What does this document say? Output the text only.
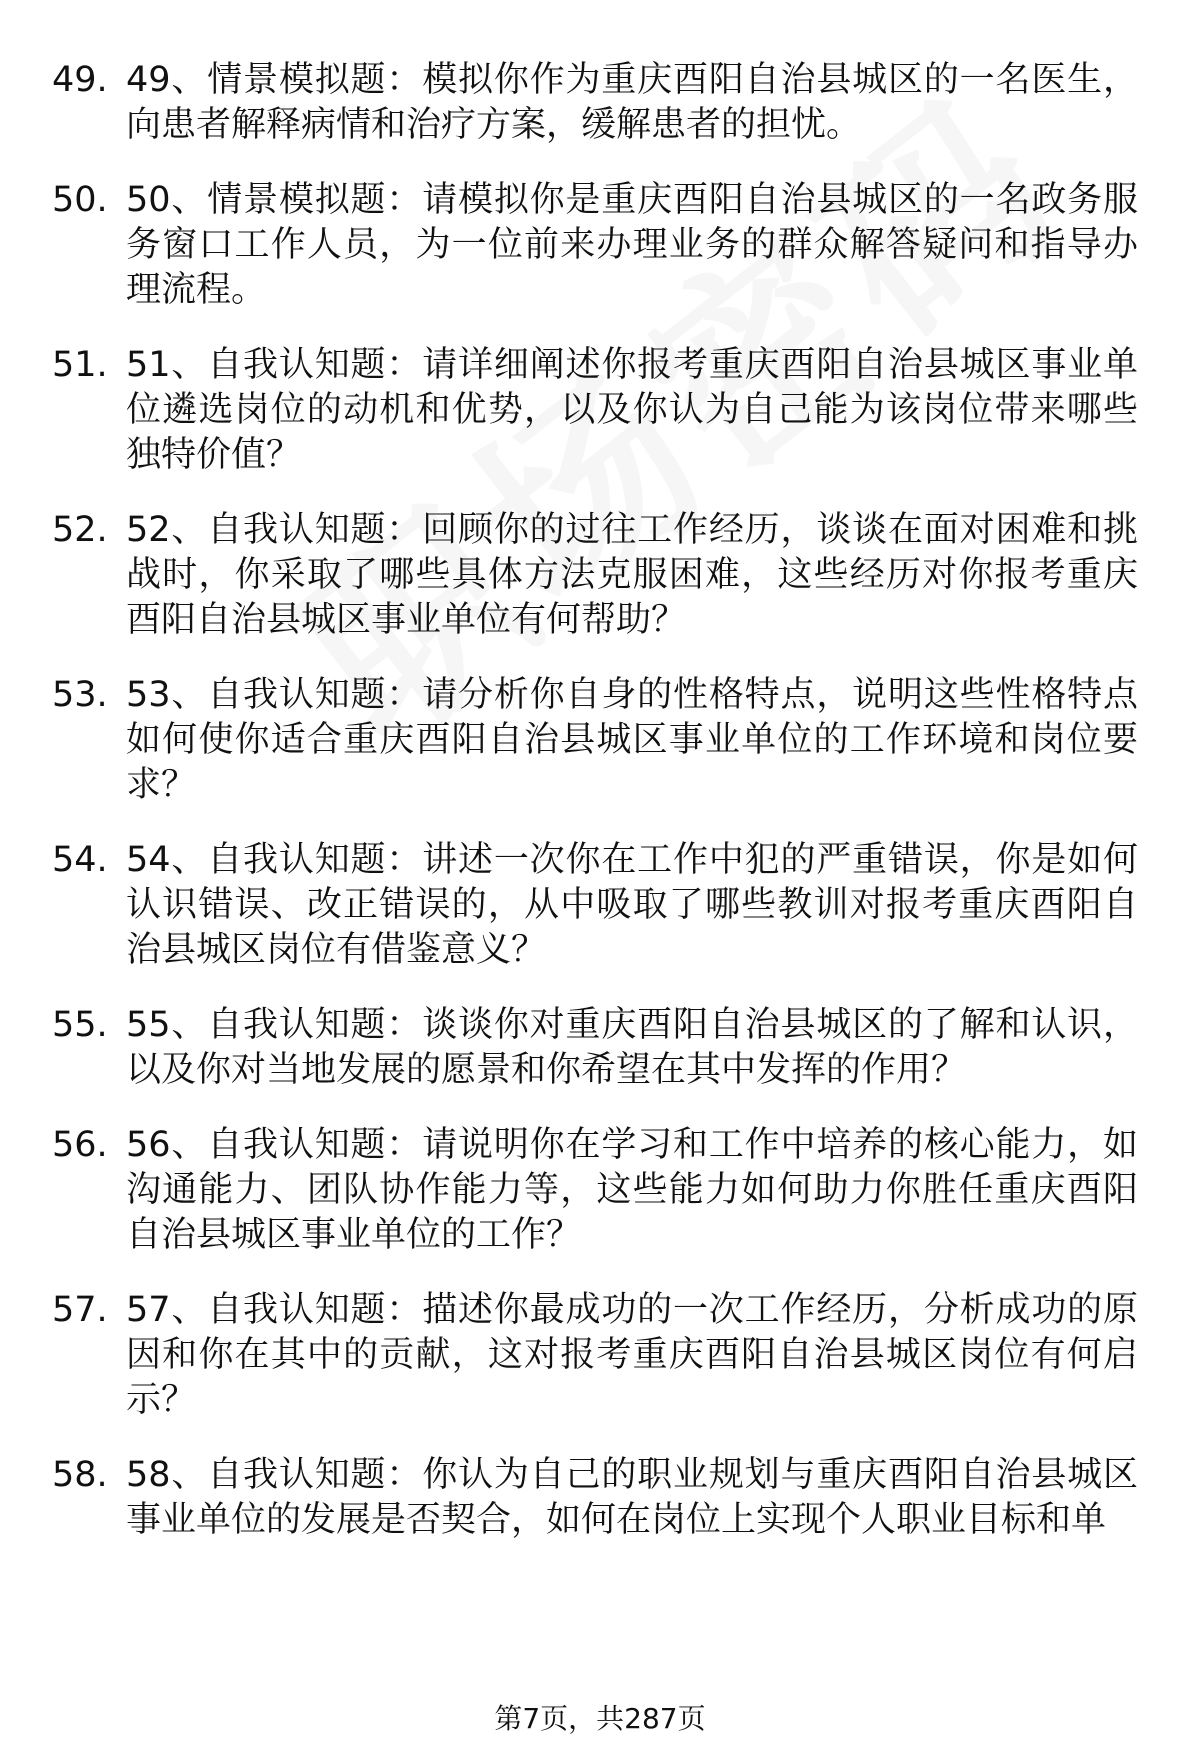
49. 49、情景模拟题：模拟你作为重庆酉阳自治县城区的一名医生，向患者解释病情和治疗方案，缓解患者的担忧。
50. 50、情景模拟题：请模拟你是重庆酉阳自治县城区的一名政务服务窗口工作人员，为一位前来办理业务的群众解答疑问和指导办理流程。
51. 51、自我认知题：请详细阐述你报考重庆酉阳自治县城区事业单位遴选岗位的动机和优势，以及你认为自己能为该岗位带来哪些独特价值？
52. 52、自我认知题：回顾你的过往工作经历，谈谈在面对困难和挑战时，你采取了哪些具体方法克服困难，这些经历对你报考重庆酉阳自治县城区事业单位有何帮助？
53. 53、自我认知题：请分析你自身的性格特点，说明这些性格特点如何使你适合重庆酉阳自治县城区事业单位的工作环境和岗位要求？
54. 54、自我认知题：讲述一次你在工作中犯的严重错误，你是如何认识错误、改正错误的，从中吸取了哪些教训对报考重庆酉阳自治县城区岗位有借鉴意义？
55. 55、自我认知题：谈谈你对重庆酉阳自治县城区的了解和认识，以及你对当地发展的愿景和你希望在其中发挥的作用？
56. 56、自我认知题：请说明你在学习和工作中培养的核心能力，如沟通能力、团队协作能力等，这些能力如何助力你胜任重庆酉阳自治县城区事业单位的工作？
57. 57、自我认知题：描述你最成功的一次工作经历，分析成功的原因和你在其中的贡献，这对报考重庆酉阳自治县城区岗位有何启示？
58. 58、自我认知题：你认为自己的职业规划与重庆酉阳自治县城区事业单位的发展是否契合，如何在岗位上实现个人职业目标和单
第7页，共287页
